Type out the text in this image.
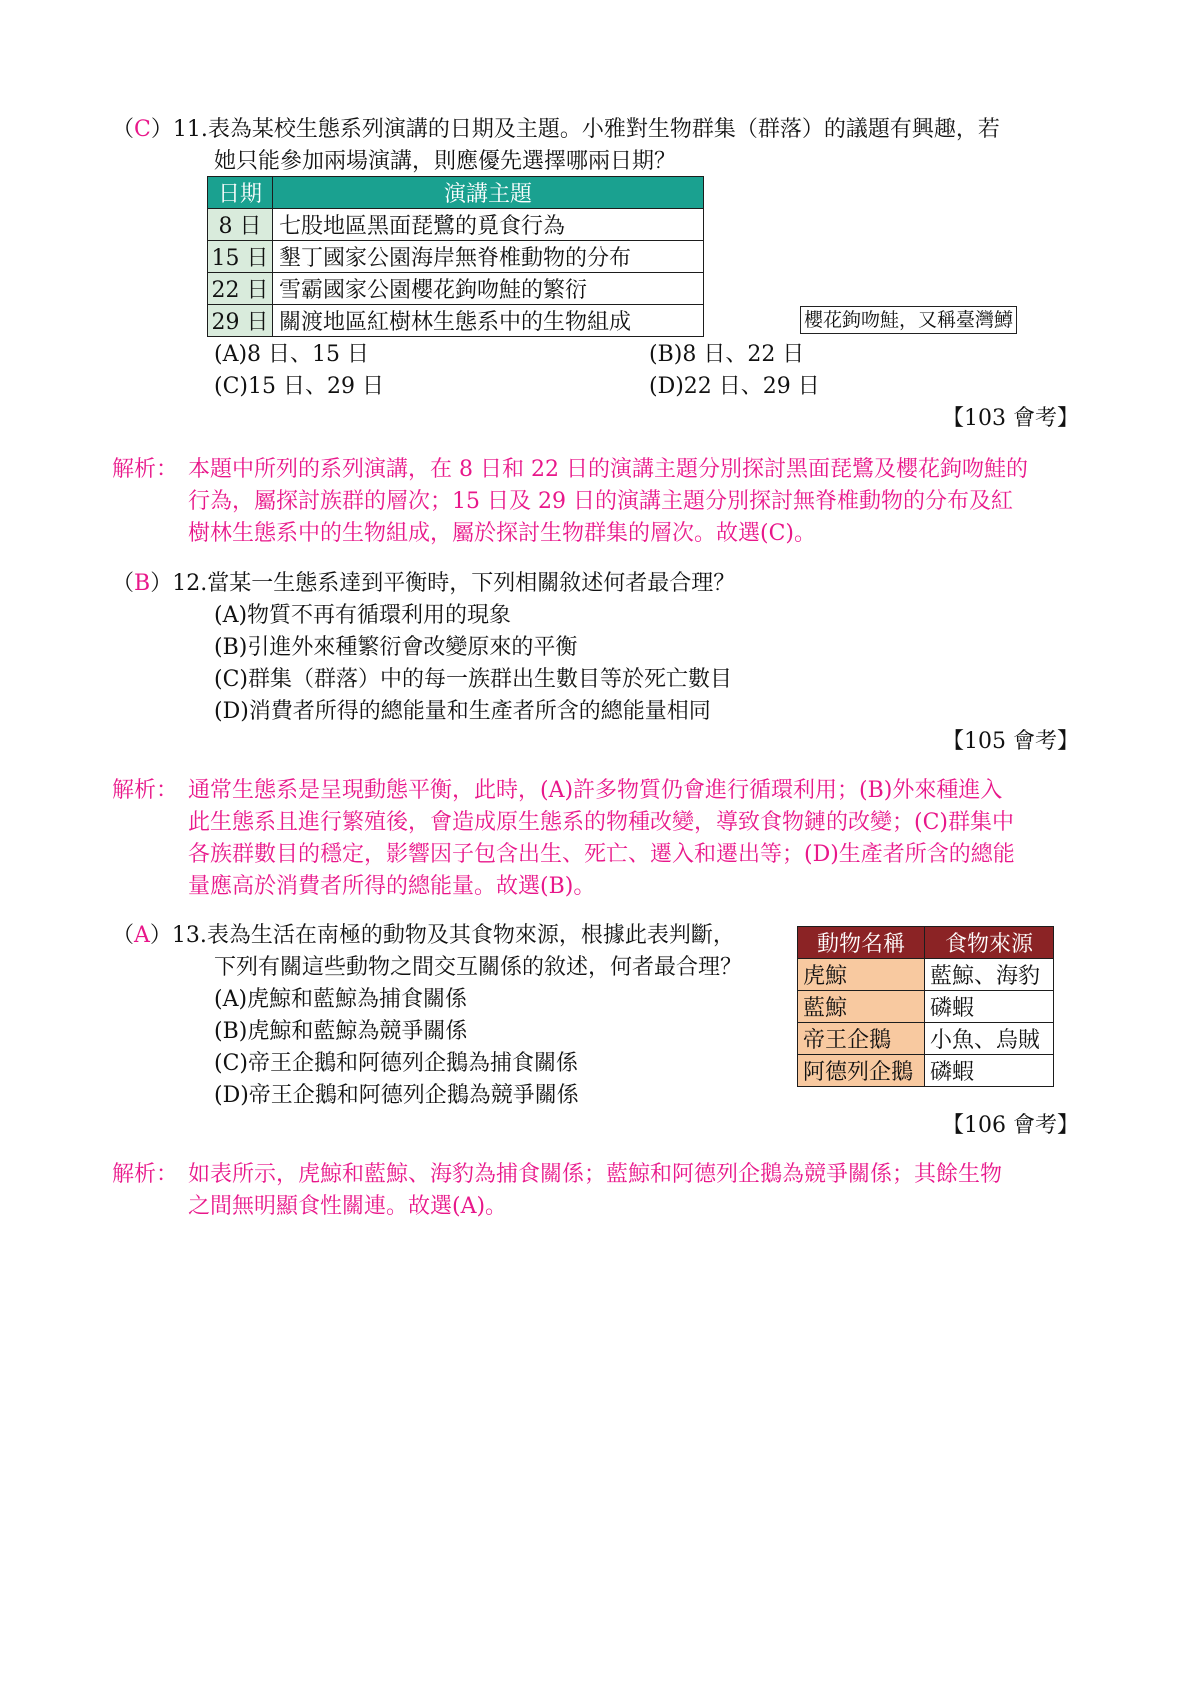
（C）11.表為某校生態系列演講的日期及主題。小雅對生物群集（群落）的議題有興趣，若
她只能參加兩場演講，則應優先選擇哪兩日期？
日期	演講主題
8 日	七股地區黑面琵鷺的覓食行為
15 日	墾丁國家公園海岸無脊椎動物的分布
22 日	雪霸國家公園櫻花鉤吻鮭的繁衍
29 日	關渡地區紅樹林生態系中的生物組成	櫻花鉤吻鮭，又稱臺灣鱒
(A)8 日、15 日	(B)8 日、22 日
(C)15 日、29 日	(D)22 日、29 日
【103 會考】
解析： 本題中所列的系列演講，在 8 日和 22 日的演講主題分別探討黑面琵鷺及櫻花鉤吻鮭的
行為，屬探討族群的層次；15 日及 29 日的演講主題分別探討無脊椎動物的分布及紅
樹林生態系中的生物組成，屬於探討生物群集的層次。故選(C)。
（B）12.當某一生態系達到平衡時，下列相關敘述何者最合理？
(A)物質不再有循環利用的現象
(B)引進外來種繁衍會改變原來的平衡
(C)群集（群落）中的每一族群出生數目等於死亡數目
(D)消費者所得的總能量和生產者所含的總能量相同
【105 會考】
解析： 通常生態系是呈現動態平衡，此時，(A)許多物質仍會進行循環利用；(B)外來種進入
此生態系且進行繁殖後，會造成原生態系的物種改變，導致食物鏈的改變；(C)群集中
各族群數目的穩定，影響因子包含出生、死亡、遷入和遷出等；(D)生產者所含的總能
量應高於消費者所得的總能量。故選(B)。
（A）13.表為生活在南極的動物及其食物來源，根據此表判斷，
下列有關這些動物之間交互關係的敘述，何者最合理？
(A)虎鯨和藍鯨為捕食關係
(B)虎鯨和藍鯨為競爭關係
(C)帝王企鵝和阿德列企鵝為捕食關係
(D)帝王企鵝和阿德列企鵝為競爭關係
動物名稱	食物來源
虎鯨	藍鯨、海豹
藍鯨	磷蝦
帝王企鵝	小魚、烏賊
阿德列企鵝	磷蝦
【106 會考】
解析： 如表所示，虎鯨和藍鯨、海豹為捕食關係；藍鯨和阿德列企鵝為競爭關係；其餘生物
之間無明顯食性關連。故選(A)。
